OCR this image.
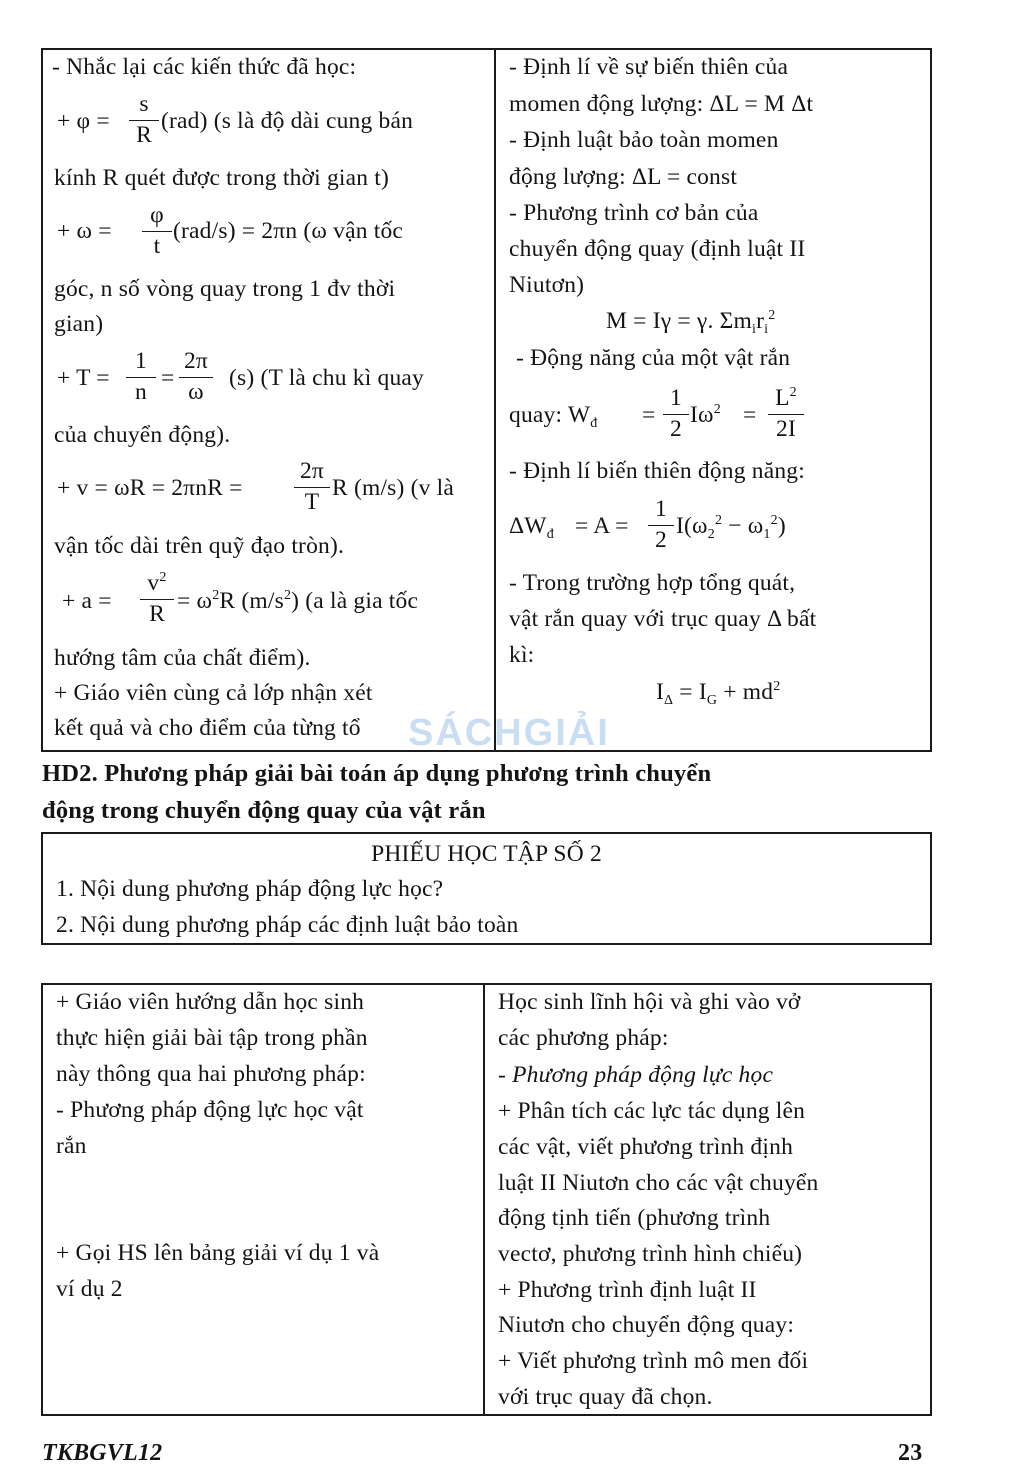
- Nhắc lại các kiến thức đã học:
+ φ =
s
R
(rad) (s là độ dài cung bán
kính R quét được trong thời gian t)
+ ω =
φ
t
(rad/s) = 2πn (ω vận tốc
góc, n số vòng quay trong 1 đv thời
gian)
+ T =
1
n
=
2π
ω
(s) (T là chu kì quay
của chuyển động).
+ v = ωR = 2πnR =
2π
T
R (m/s) (v là
vận tốc dài trên quỹ đạo tròn).
+ a =
$v^2$
$R = \omega^2R$ $(m/s^2)$ (a là gia tốc
hướng tâm của chất điểm).
+ Giáo viên cùng cả lớp nhận xét
kết quả và cho điểm của từng tổ
- Định lí về sự biến thiên của
momen động lượng: ΔL = M Δt
- Định luật bảo toàn momen
động lượng: ΔL = const
- Phương trình cơ bản của
chuyển động quay (định luật II
Niutơn)
M = Iγ = γ. $\Sigma m_ir_i^2$
- Động năng của một vật rắn
quay: $W_đ$ =
1
2
$I\omega^2$ =
$L^2$
2I
- Định lí biến thiên động năng:
$\Delta W_đ = A$ =
1
2
$I(\omega_2^2 - \omega_1^2)$
- Trong trường hợp tổng quát,
vật rắn quay với trục quay Δ bất
kì:
$I_\Delta = I_G + md^2$
SÁCHGIẢI
HD2. Phương pháp giải bài toán áp dụng phương trình chuyển
động trong chuyển động quay của vật rắn
PHIẾU HỌC TẬP SỐ 2
1. Nội dung phương pháp động lực học?
2. Nội dung phương pháp các định luật bảo toàn
+ Giáo viên hướng dẫn học sinh
thực hiện giải bài tập trong phần
này thông qua hai phương pháp:
- Phương pháp động lực học vật
rắn
+ Gọi HS lên bảng giải ví dụ 1 và
ví dụ 2
Học sinh lĩnh hội và ghi vào vở
các phương pháp:
- Phương pháp động lực học
+ Phân tích các lực tác dụng lên
các vật, viết phương trình định
luật II Niutơn cho các vật chuyển
động tịnh tiến (phương trình
vectơ, phương trình hình chiếu)
+ Phương trình định luật II
Niutơn cho chuyển động quay:
+ Viết phương trình mô men đối
với trục quay đã chọn.
TKBGVL12	23
